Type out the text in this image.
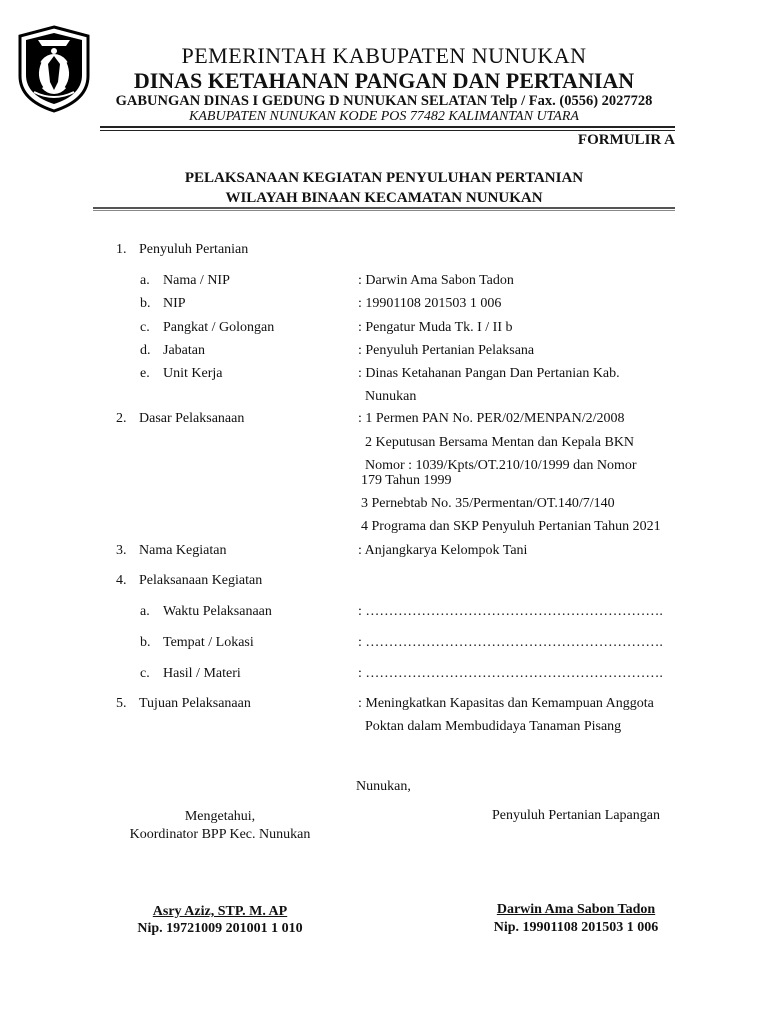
PEMERINTAH KABUPATEN NUNUKAN
DINAS KETAHANAN PANGAN DAN PERTANIAN
GABUNGAN DINAS I GEDUNG D NUNUKAN SELATAN Telp / Fax. (0556) 2027728
KABUPATEN NUNUKAN KODE POS 77482 KALIMANTAN UTARA
FORMULIR A
PELAKSANAAN KEGIATAN PENYULUHAN PERTANIAN
WILAYAH BINAAN KECAMATAN NUNUKAN
1. Penyuluh Pertanian
a. Nama / NIP	: Darwin Ama Sabon Tadon
b. NIP	: 19901108 201503 1 006
c. Pangkat / Golongan	: Pengatur Muda Tk. I / II b
d. Jabatan	: Penyuluh Pertanian Pelaksana
e. Unit Kerja	: Dinas Ketahanan Pangan Dan Pertanian Kab.
Nunukan
2. Dasar Pelaksanaan	: 1 Permen PAN No. PER/02/MENPAN/2/2008
2 Keputusan Bersama Mentan dan Kepala BKN
Nomor : 1039/Kpts/OT.210/10/1999 dan Nomor
179 Tahun 1999
3 Pernebtab No. 35/Permentan/OT.140/7/140
4 Programa dan SKP Penyuluh Pertanian Tahun 2021
3. Nama Kegiatan	: Anjangkarya Kelompok Tani
4. Pelaksanaan Kegiatan
a. Waktu Pelaksanaan	: ……………………………………………………….
b. Tempat / Lokasi	: ……………………………………………………….
c. Hasil / Materi	: ……………………………………………………….
5. Tujuan Pelaksanaan	: Meningkatkan Kapasitas dan Kemampuan Anggota
Poktan dalam Membudidaya Tanaman Pisang
Nunukan,
Mengetahui,
Koordinator BPP Kec. Nunukan
Asry Aziz, STP. M. AP
Nip. 19721009 201001 1 010
Penyuluh Pertanian Lapangan
Darwin Ama Sabon Tadon
Nip. 19901108 201503 1 006
